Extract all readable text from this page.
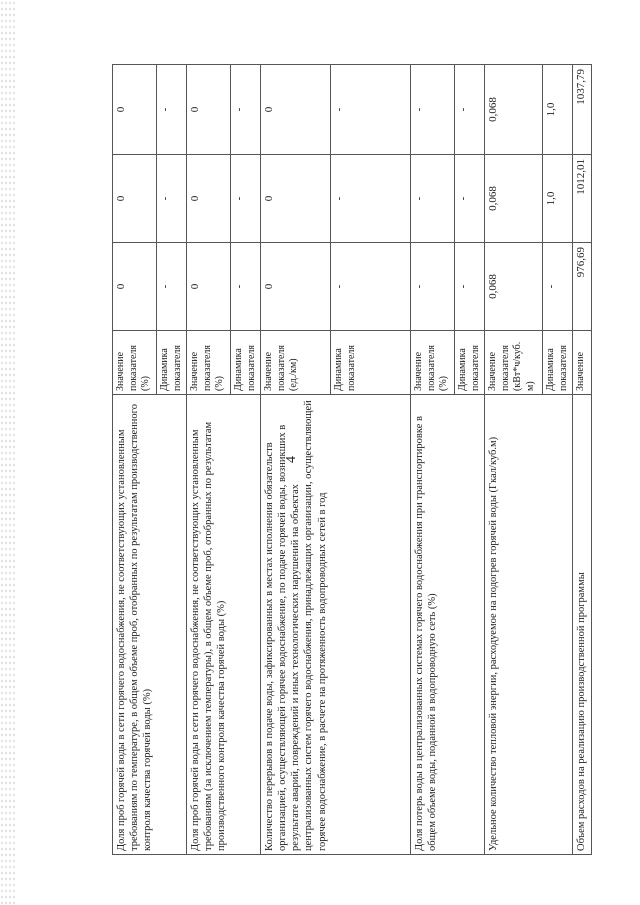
4
Доля проб горячей воды в сети горячего водоснабжения, не соответствующих установленным требованиям по температуре, в общем объеме проб, отобранных по результатам производственного контроля качества горячей воды (%)	Значение показателя (%)	0	0	0
	Динамика показателя	-	-	-

Доля проб горячей воды в сети горячего водоснабжения, не соответствующих установленным требованиям (за исключением температуры), в общем объеме проб, отобранных по результатам производственного контроля качества горячей воды (%)	Значение показателя (%)	0	0	0
	Динамика показателя	-	-	-

Количество перерывов в подаче воды, зафиксированных в местах исполнения обязательств организацией, осуществляющей горячее водоснабжение, по подаче горячей воды, возникших в результате аварий, повреждений и иных технологических нарушений на объектах централизованных систем горячего водоснабжения, принадлежащих организации, осуществляющей горячее водоснабжение, в расчете на протяженность водопроводных сетей в год	Значение показателя (ед./км)	0	0	0
	Динамика показателя	-	-	-

Доля потерь воды в централизованных системах горячего водоснабжения при транспортировке в общем объеме воды, поданной в водопроводную сеть (%)	Значение показателя (%)	-	-	-
	Динамика показателя	-	-	-

Удельное количество тепловой энергии, расходуемое на подогрев горячей воды (Гкал/куб.м)	Значение показателя (кВт*ч/куб. м)	0,068	0,068	0,068
	Динамика показателя	-	1,0	1,0

Объем расходов на реализацию производственной программы	Значение	976,69	1012,01	1037,79
